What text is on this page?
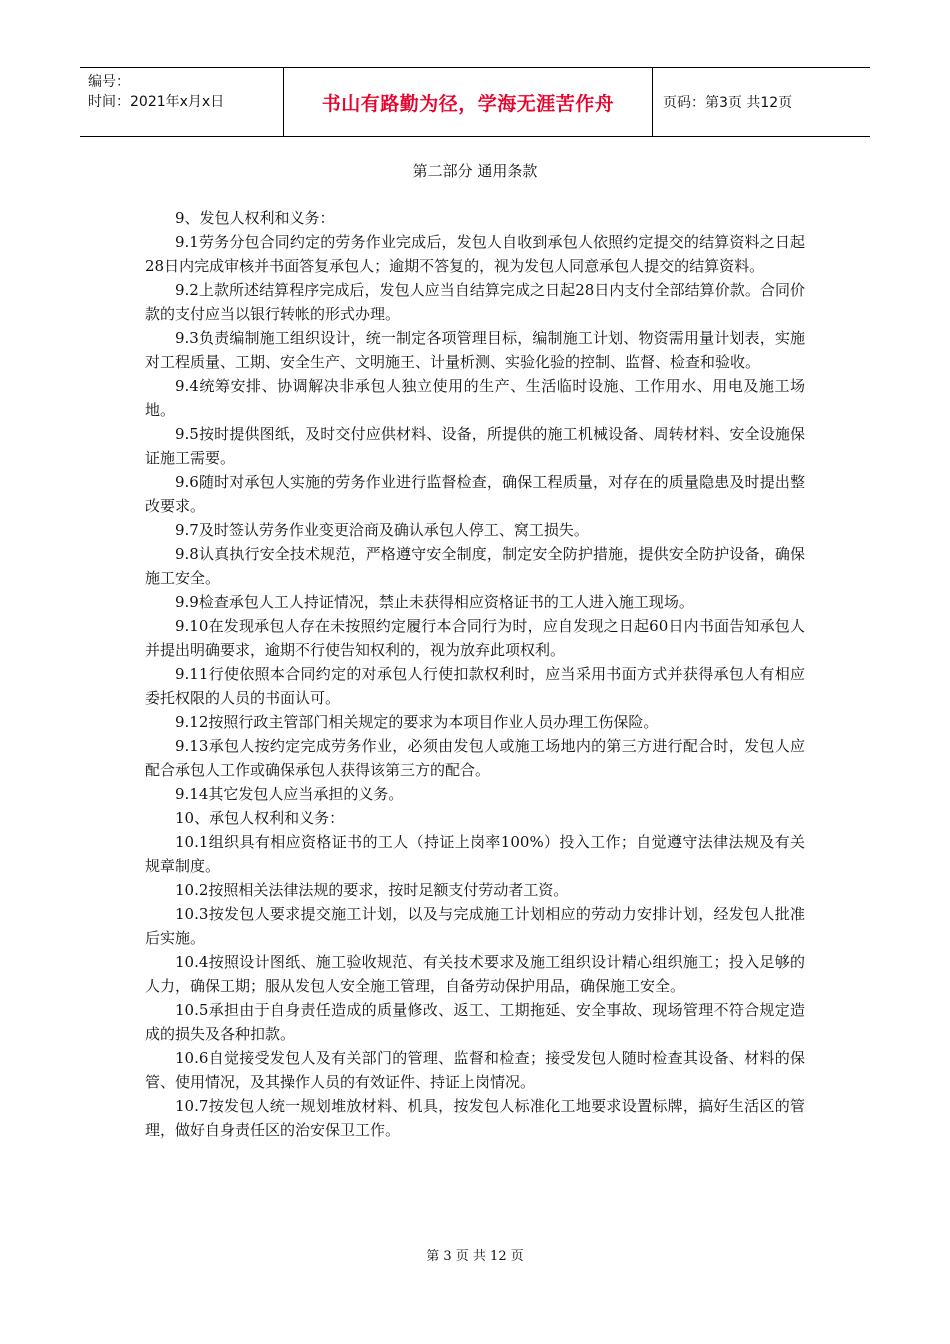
编号：
时间：2021年x月x日	书山有路勤为径，学海无涯苦作舟	页码：第3页 共12页
第二部分 通用条款

9、发包人权利和义务：

9.1劳务分包合同约定的劳务作业完成后，发包人自收到承包人依照约定提交的结算资料之日起28日内完成审核并书面答复承包人；逾期不答复的，视为发包人同意承包人提交的结算资料。

9.2上款所述结算程序完成后，发包人应当自结算完成之日起28日内支付全部结算价款。合同价款的支付应当以银行转帐的形式办理。

9.3负责编制施工组织设计，统一制定各项管理目标，编制施工计划、物资需用量计划表，实施对工程质量、工期、安全生产、文明施王、计量析测、实验化验的控制、监督、检查和验收。

9.4统筹安排、协调解决非承包人独立使用的生产、生活临时设施、工作用水、用电及施工场地。

9.5按时提供图纸，及时交付应供材料、设备，所提供的施工机械设备、周转材料、安全设施保证施工需要。

9.6随时对承包人实施的劳务作业进行监督检查，确保工程质量，对存在的质量隐患及时提出整改要求。

9.7及时签认劳务作业变更洽商及确认承包人停工、窝工损失。

9.8认真执行安全技术规范，严格遵守安全制度，制定安全防护措施，提供安全防护设备，确保施工安全。

9.9检查承包人工人持证情况，禁止未获得相应资格证书的工人进入施工现场。

9.10在发现承包人存在未按照约定履行本合同行为时，应自发现之日起60日内书面告知承包人并提出明确要求，逾期不行使告知权利的，视为放弃此项权利。

9.11行使依照本合同约定的对承包人行使扣款权利时，应当采用书面方式并获得承包人有相应委托权限的人员的书面认可。

9.12按照行政主管部门相关规定的要求为本项目作业人员办理工伤保险。

9.13承包人按约定完成劳务作业，必须由发包人或施工场地内的第三方进行配合时，发包人应配合承包人工作或确保承包人获得该第三方的配合。

9.14其它发包人应当承担的义务。

10、承包人权利和义务：

10.1组织具有相应资格证书的工人（持证上岗率100%）投入工作；自觉遵守法律法规及有关规章制度。

10.2按照相关法律法规的要求，按时足额支付劳动者工资。

10.3按发包人要求提交施工计划，以及与完成施工计划相应的劳动力安排计划，经发包人批准后实施。

10.4按照设计图纸、施工验收规范、有关技术要求及施工组织设计精心组织施工；投入足够的人力，确保工期；服从发包人安全施工管理，自备劳动保护用品，确保施工安全。

10.5承担由于自身责任造成的质量修改、返工、工期拖延、安全事故、现场管理不符合规定造成的损失及各种扣款。

10.6自觉接受发包人及有关部门的管理、监督和检查；接受发包人随时检查其设备、材料的保管、使用情况，及其操作人员的有效证件、持证上岗情况。

10.7按发包人统一规划堆放材料、机具，按发包人标准化工地要求设置标牌，搞好生活区的管理，做好自身责任区的治安保卫工作。

第 3 页 共 12 页
